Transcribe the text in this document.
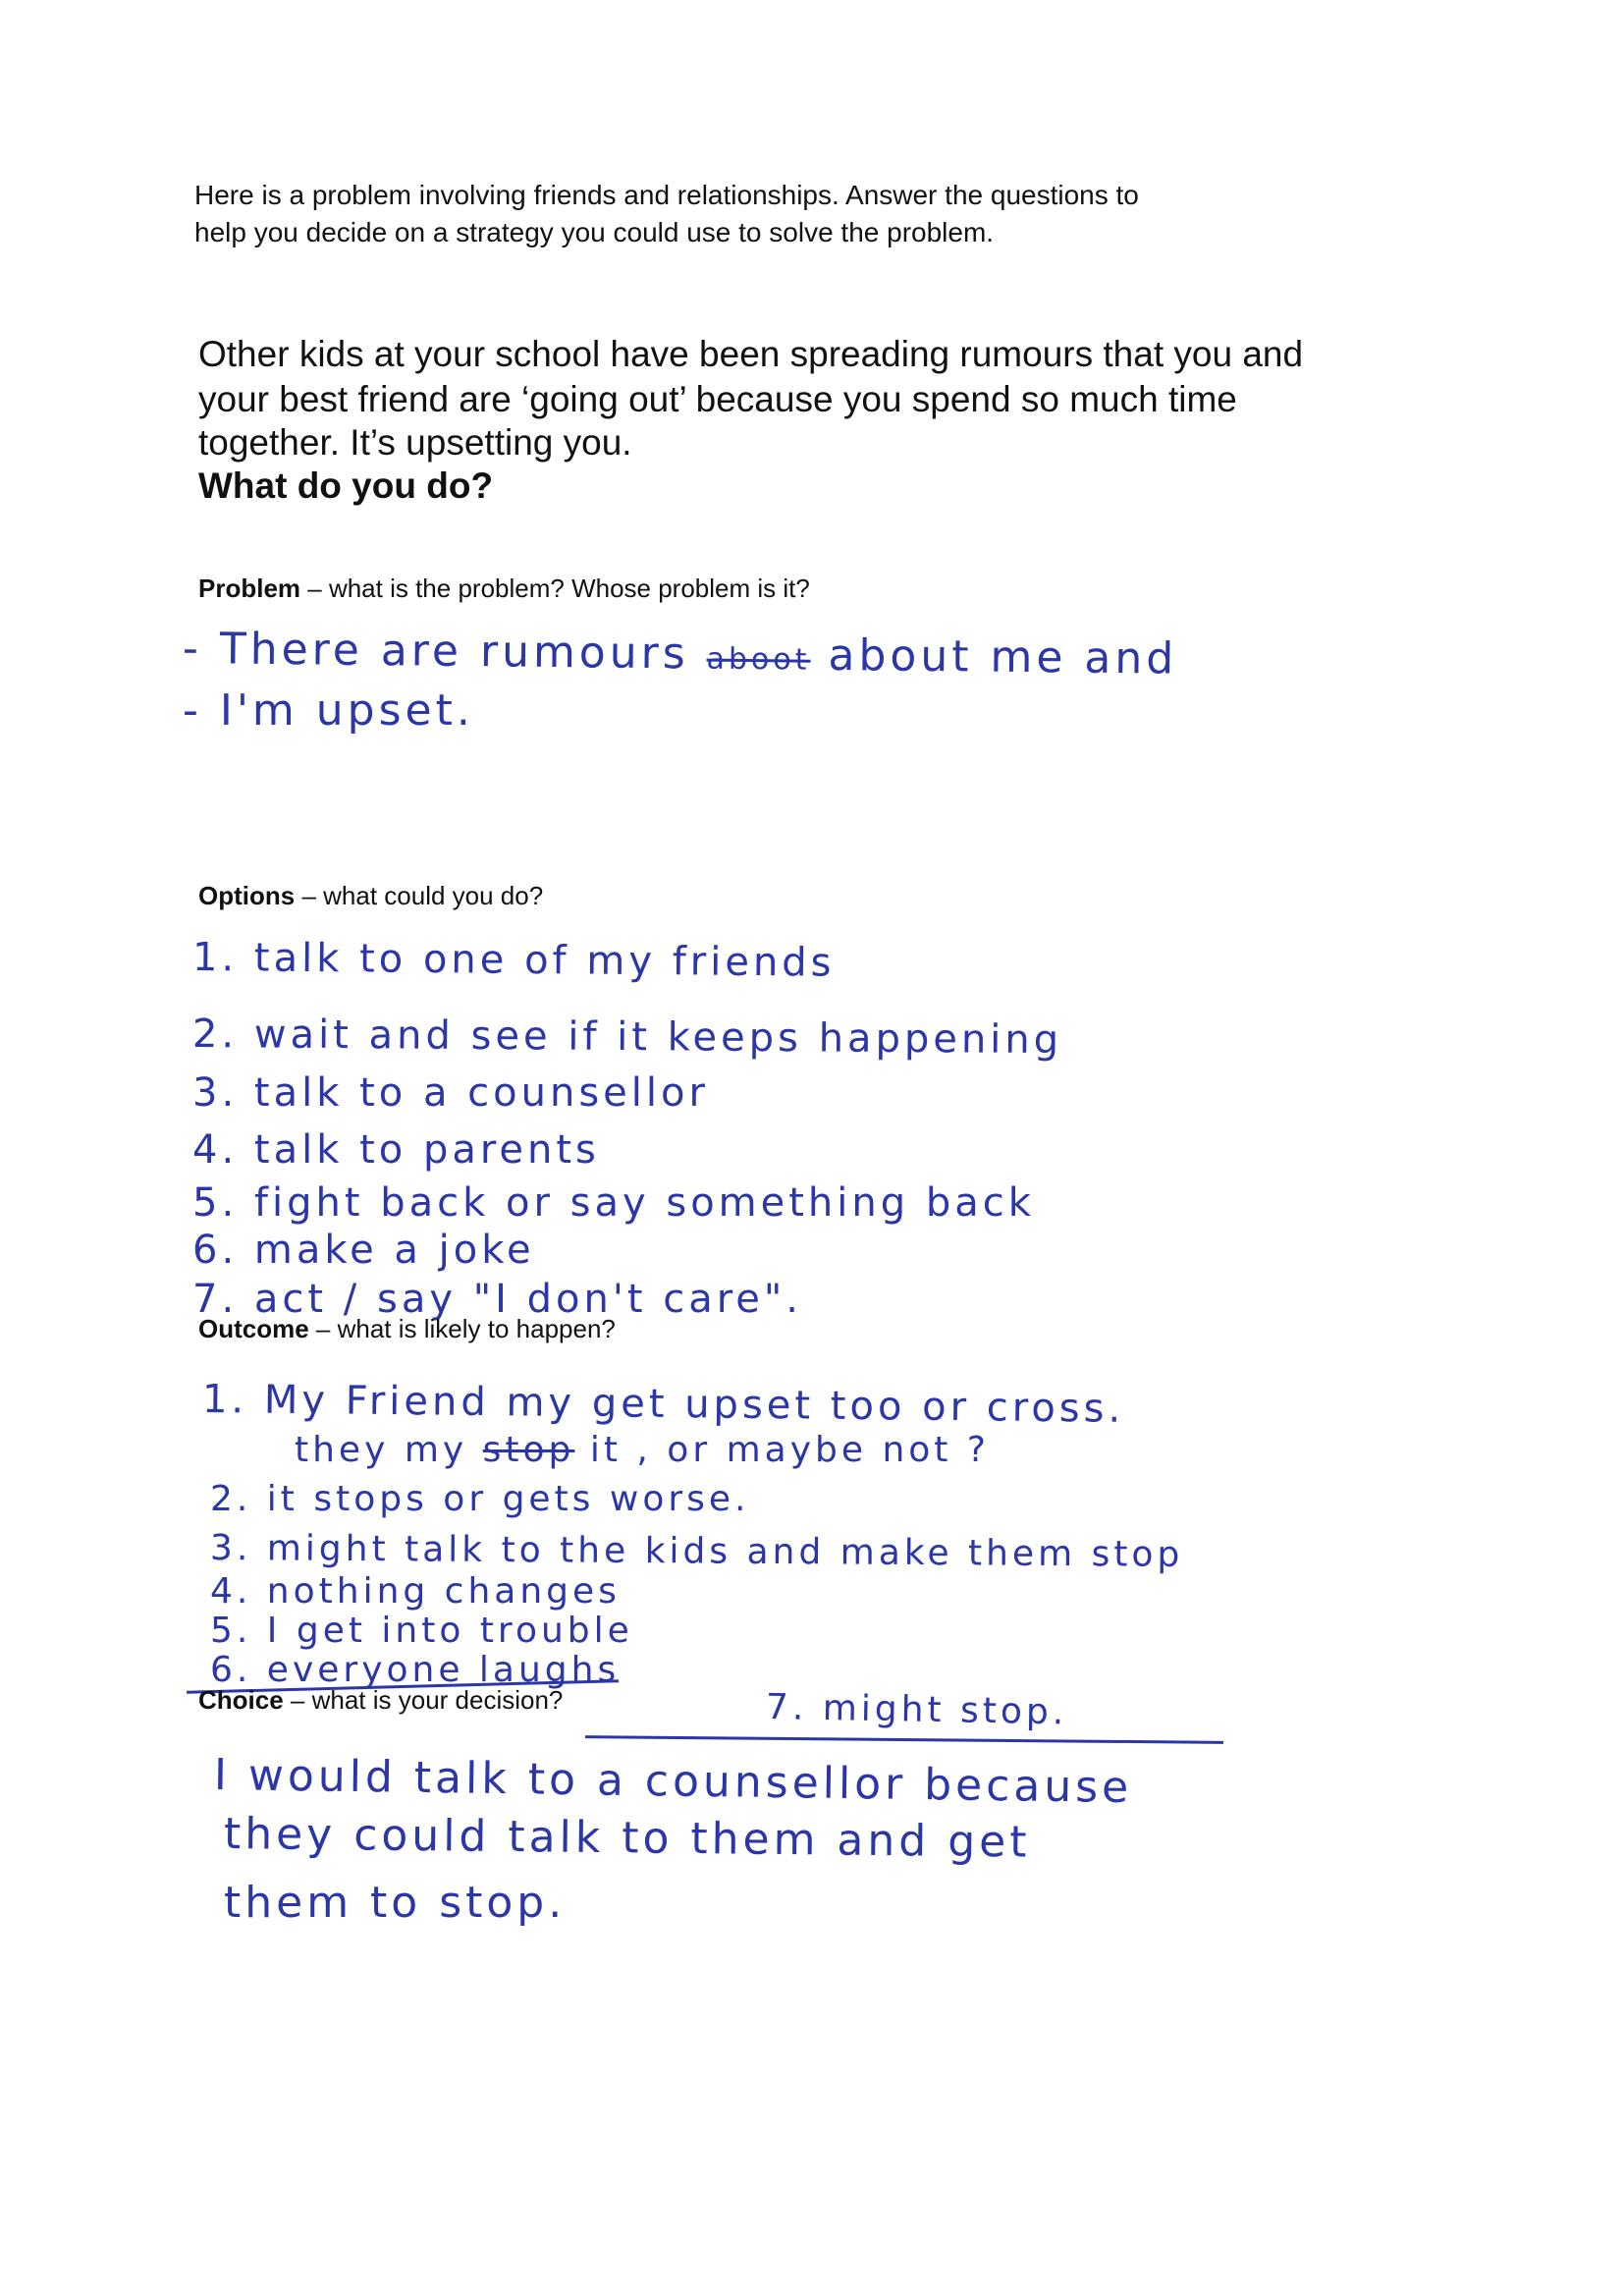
Here is a problem involving friends and relationships. Answer the questions to
help you decide on a strategy you could use to solve the problem.
Other kids at your school have been spreading rumours that you and
your best friend are ‘going out’ because you spend so much time
together. It’s upsetting you.
What do you do?
Problem – what is the problem? Whose problem is it?
- There are rumours aboot about me and
- I'm upset.
Options – what could you do?
1. talk to one of my friends
2. wait and see if it keeps happening
3. talk to a counsellor
4. talk to parents
5. fight back or say something back
6. make a joke
7. act / say "I don't care".
Outcome – what is likely to happen?
1. My Friend my get upset too or cross.
they my stop it , or maybe not ?
2. it stops or gets worse.
3. might talk to the kids and make them stop
4. nothing changes
5. I get into trouble
6. everyone laughs
7. might stop.
Choice – what is your decision?
I would talk to a counsellor because
they could talk to them and get
them to stop.
